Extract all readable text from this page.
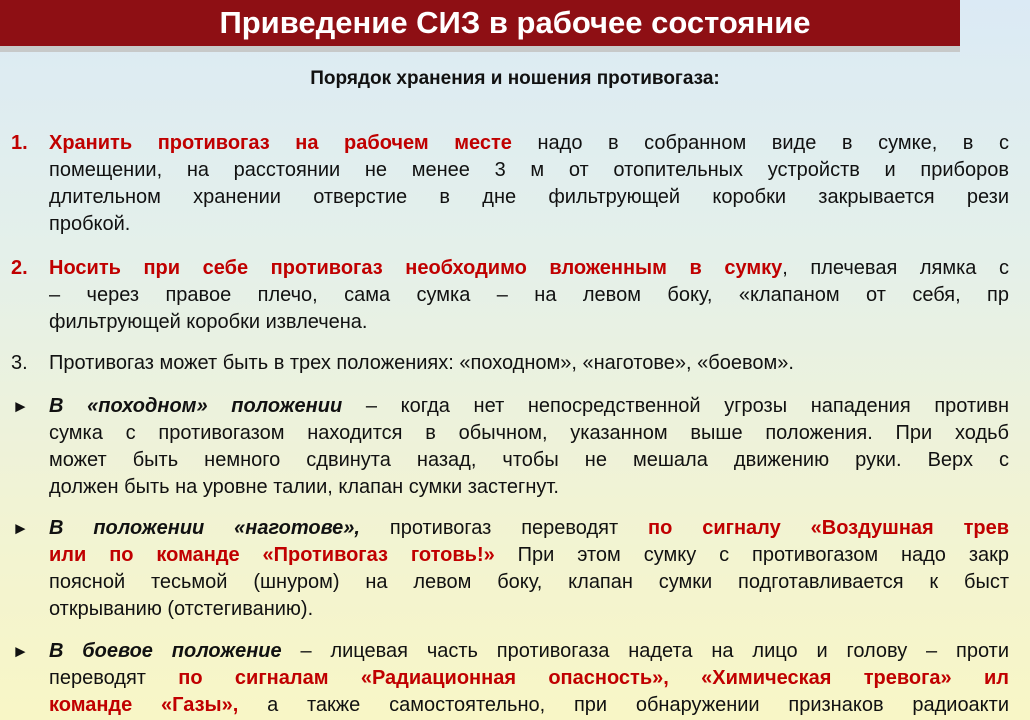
Приведение СИЗ в рабочее состояние
Порядок хранения и ношения противогаза:
1. Хранить противогаз на рабочем месте надо в собранном виде в сумке, в с
помещении, на расстоянии не менее 3 м от отопительных устройств и приборов
длительном хранении отверстие в дне фильтрующей коробки закрывается рези
пробкой.
2. Носить при себе противогаз необходимо вложенным в сумку, плечевая лямка с
– через правое плечо, сама сумка – на левом боку, «клапаном от себя, пр
фильтрующей коробки извлечена.
3. Противогаз может быть в трех положениях: «походном», «наготове», «боевом».
► В «походном» положении – когда нет непосредственной угрозы нападения противн
сумка с противогазом находится в обычном, указанном выше положения. При ходьб
может быть немного сдвинута назад, чтобы не мешала движению руки. Верх с
должен быть на уровне талии, клапан сумки застегнут.
► В положении «наготове», противогаз переводят по сигналу «Воздушная трев
или по команде «Противогаз готовь!» При этом сумку с противогазом надо закр
поясной тесьмой (шнуром) на левом боку, клапан сумки подготавливается к быст
открыванию (отстегиванию).
► В боевое положение – лицевая часть противогаза надета на лицо и голову – проти
переводят по сигналам «Радиационная опасность», «Химическая тревога» ил
команде «Газы», а также самостоятельно, при обнаружении признаков радиоакти
